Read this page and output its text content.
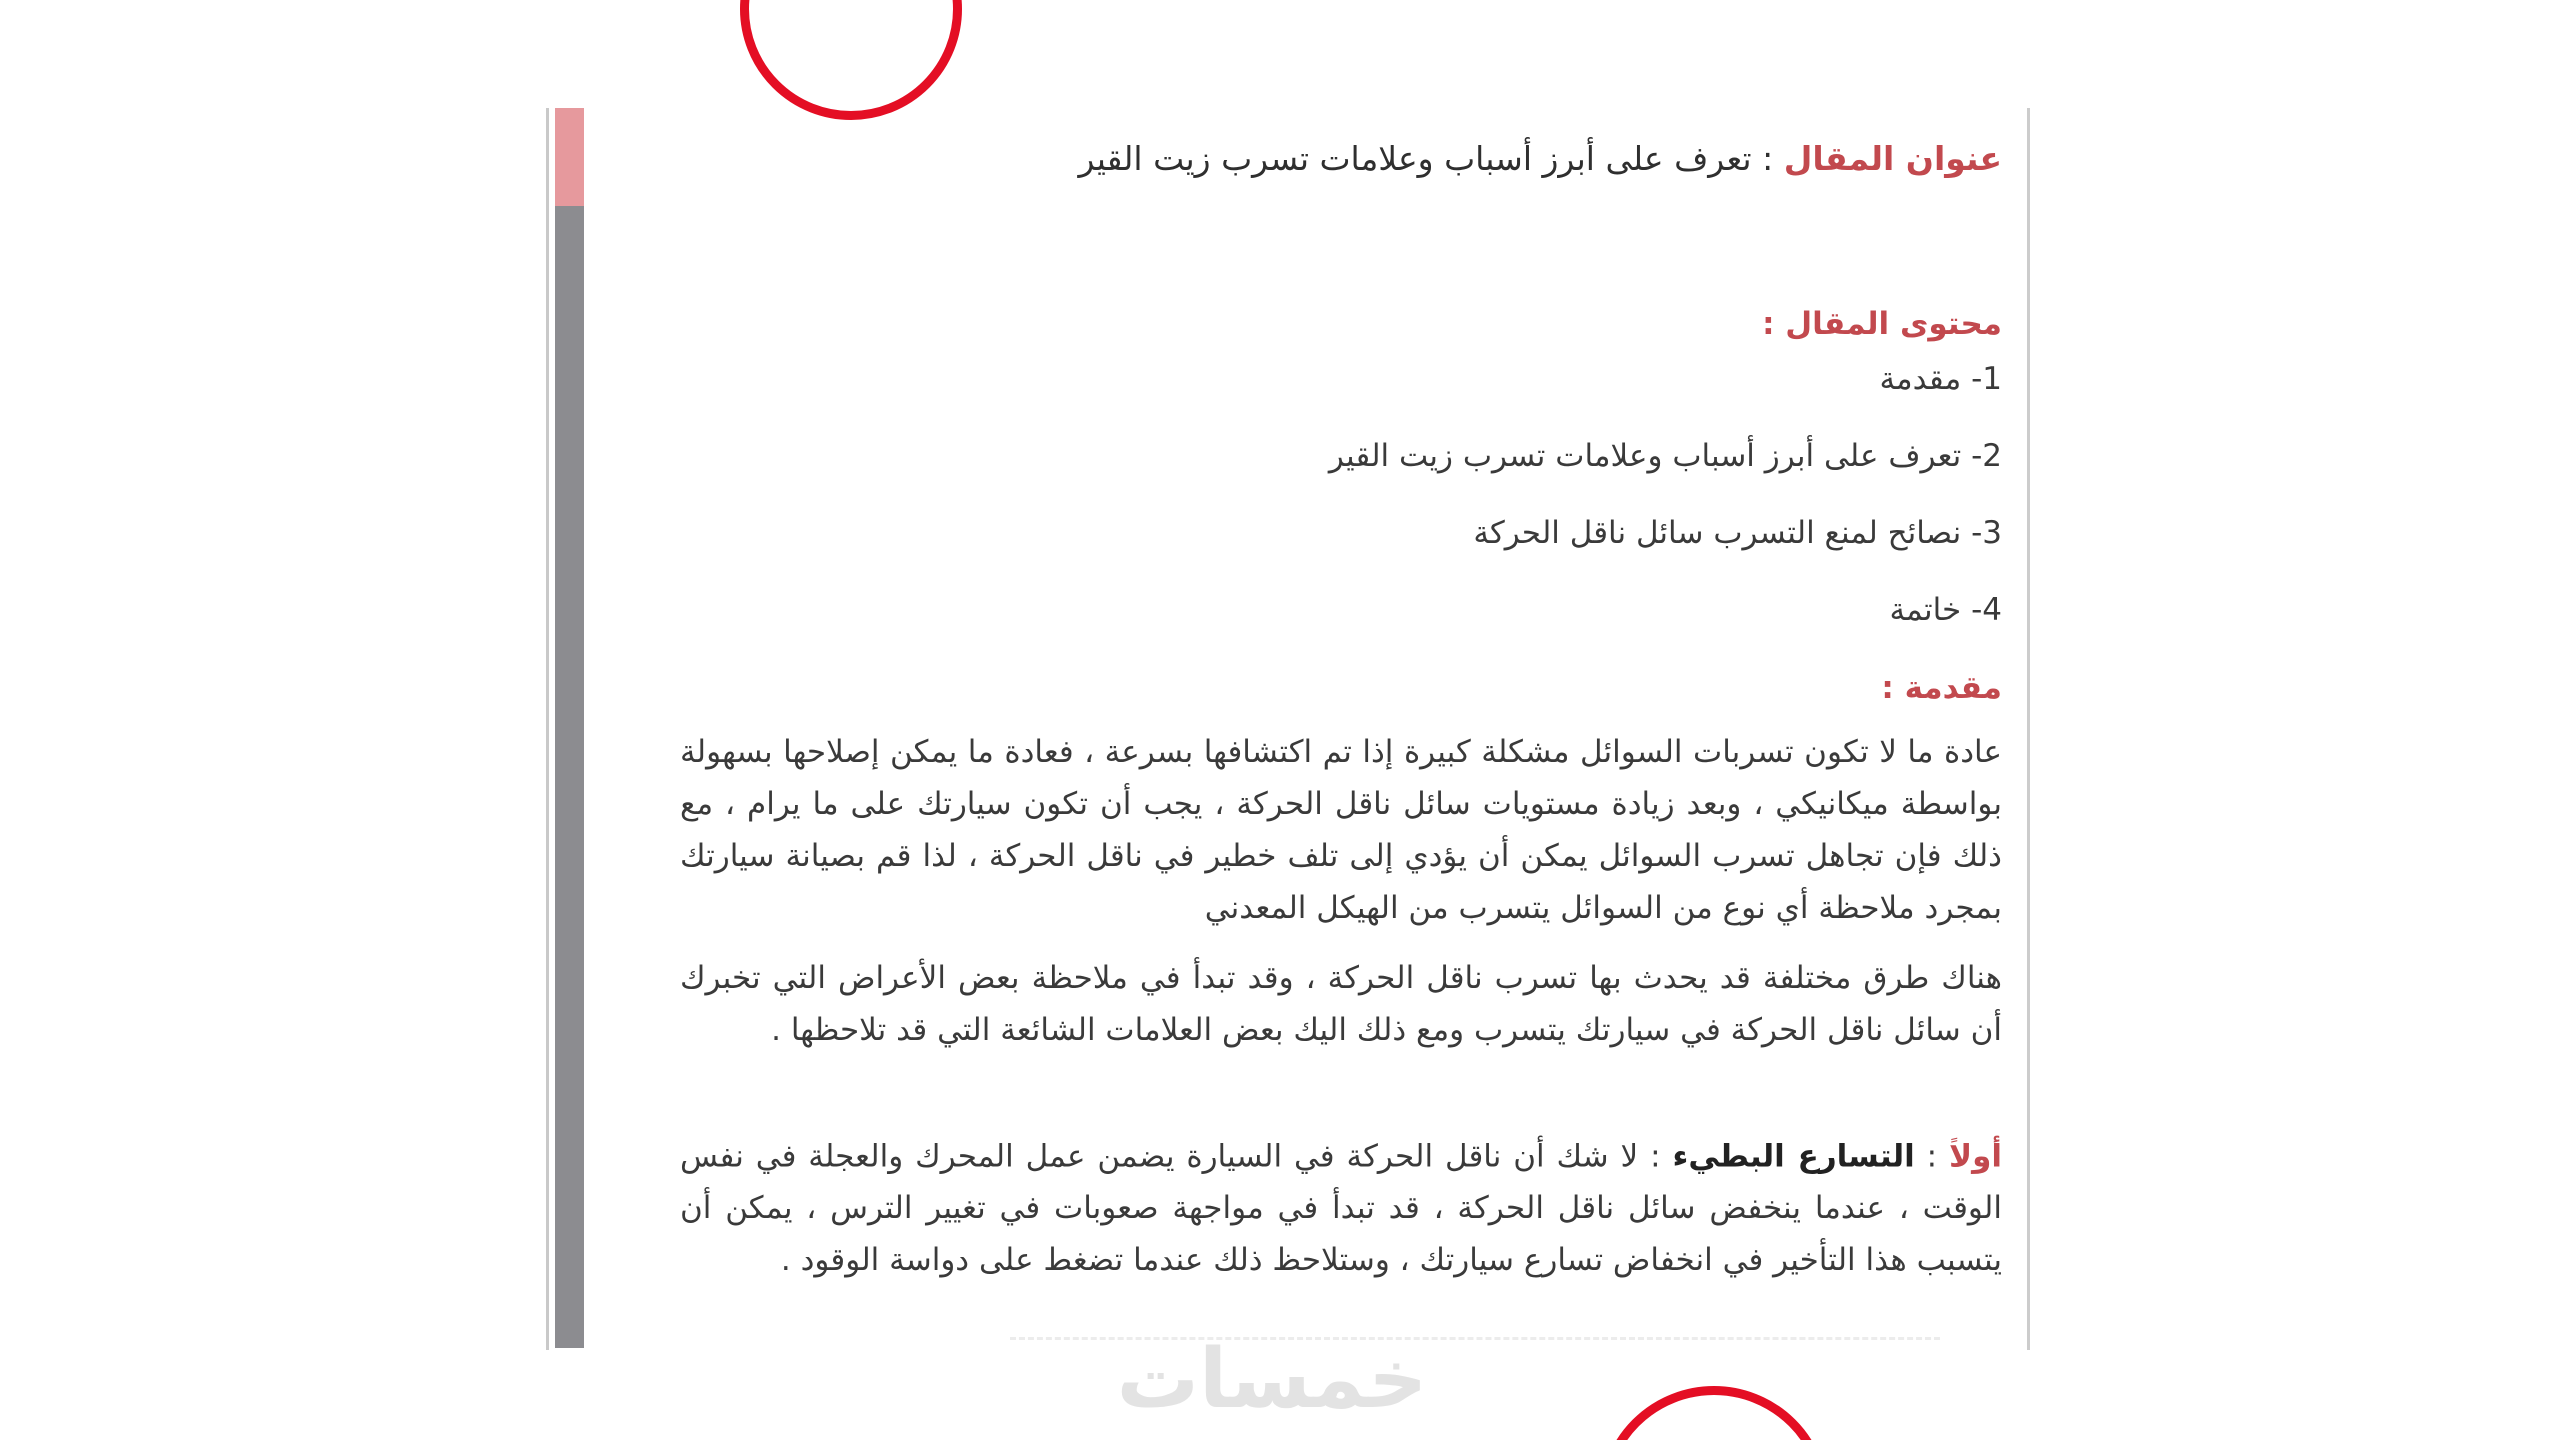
عنوان المقال : تعرف على أبرز أسباب وعلامات تسرب زيت القير
محتوى المقال :
1- مقدمة
2- تعرف على أبرز أسباب وعلامات تسرب زيت القير
3- نصائح لمنع التسرب سائل ناقل الحركة
4- خاتمة
مقدمة :
عادة ما لا تكون تسربات السوائل مشكلة كبيرة إذا تم اكتشافها بسرعة ، فعادة ما يمكن إصلاحها بسهولة بواسطة ميكانيكي ، وبعد زيادة مستويات سائل ناقل الحركة ، يجب أن تكون سيارتك على ما يرام ، مع ذلك فإن تجاهل تسرب السوائل يمكن أن يؤدي إلى تلف خطير في ناقل الحركة ، لذا قم بصيانة سيارتك بمجرد ملاحظة أي نوع من السوائل يتسرب من الهيكل المعدني
هناك طرق مختلفة قد يحدث بها تسرب ناقل الحركة ، وقد تبدأ في ملاحظة بعض الأعراض التي تخبرك أن سائل ناقل الحركة في سيارتك يتسرب ومع ذلك اليك بعض العلامات الشائعة التي قد تلاحظها .
أولا : التسارع البطيء : لا شك أن ناقل الحركة في السيارة يضمن عمل المحرك والعجلة في نفس الوقت ، عندما ينخفض سائل ناقل الحركة ، قد تبدأ في مواجهة صعوبات في تغيير الترس ، يمكن أن يتسبب هذا التأخير في انخفاض تسارع سيارتك ، وستلاحظ ذلك عندما تضغط على دواسة الوقود .
خمسات
